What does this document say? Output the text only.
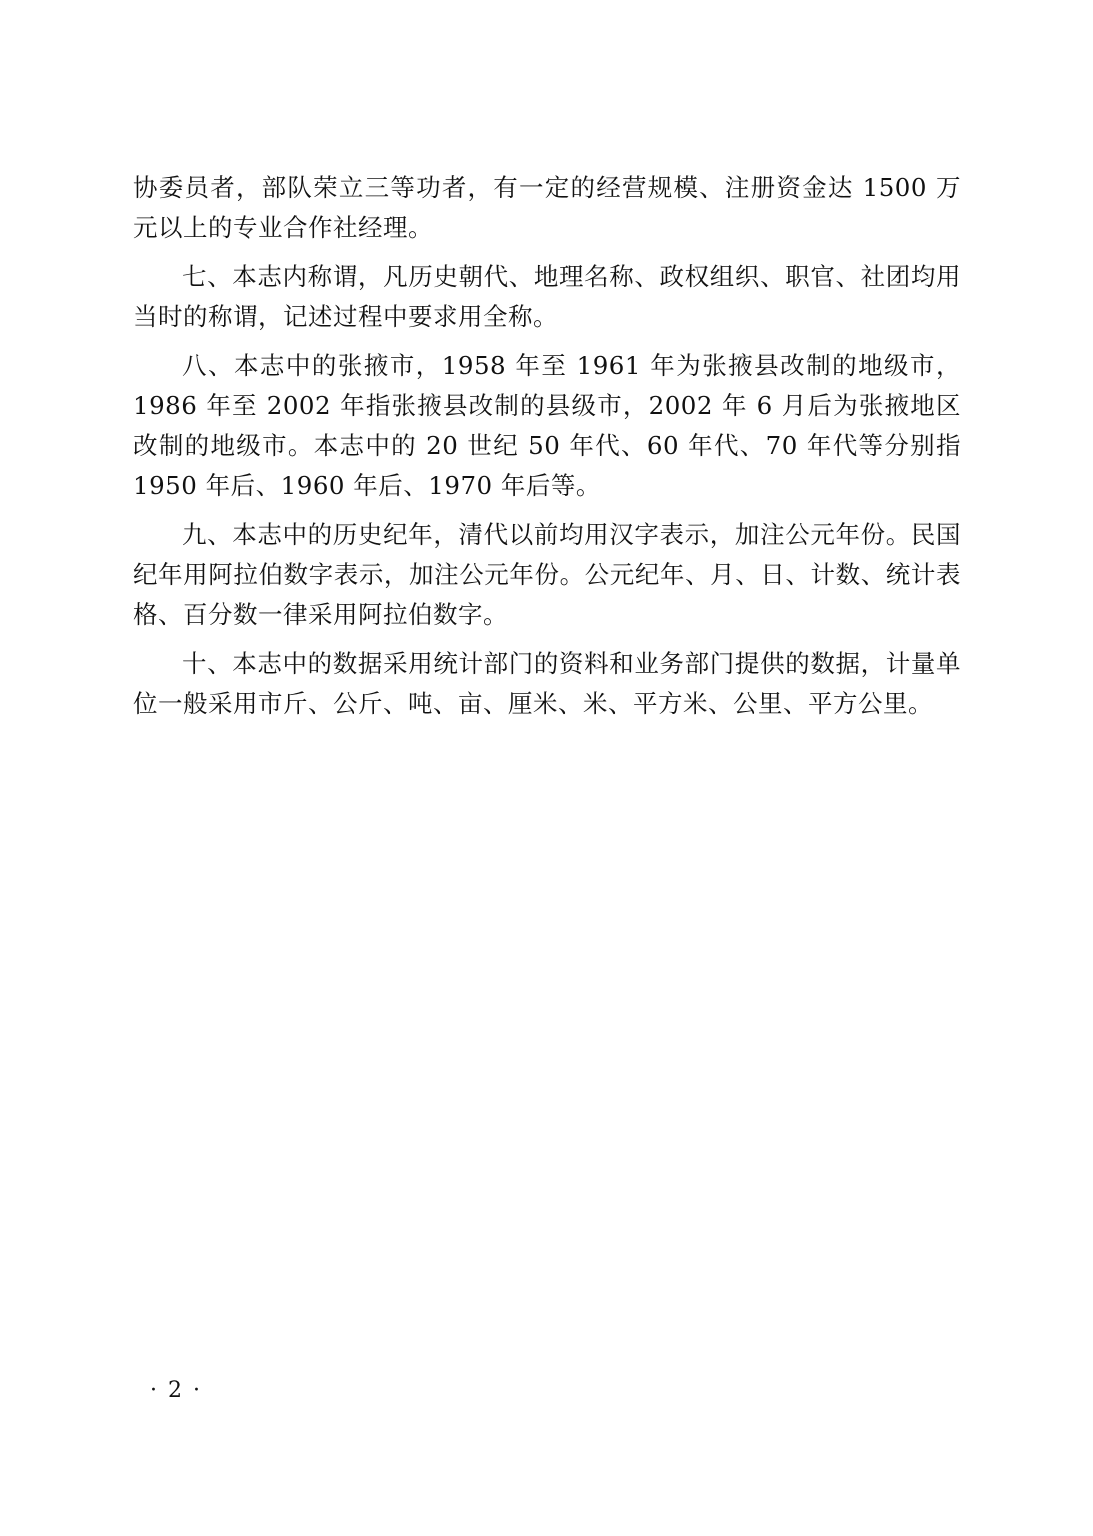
协委员者，部队荣立三等功者，有一定的经营规模、注册资金达 1500 万元以上的专业合作社经理。

七、本志内称谓，凡历史朝代、地理名称、政权组织、职官、社团均用当时的称谓，记述过程中要求用全称。

八、本志中的张掖市，1958 年至 1961 年为张掖县改制的地级市，1986 年至 2002 年指张掖县改制的县级市，2002 年 6 月后为张掖地区改制的地级市。本志中的 20 世纪 50 年代、60 年代、70 年代等分别指 1950 年后、1960 年后、1970 年后等。

九、本志中的历史纪年，清代以前均用汉字表示，加注公元年份。民国纪年用阿拉伯数字表示，加注公元年份。公元纪年、月、日、计数、统计表格、百分数一律采用阿拉伯数字。

十、本志中的数据采用统计部门的资料和业务部门提供的数据，计量单位一般采用市斤、公斤、吨、亩、厘米、米、平方米、公里、平方公里。

· 2 ·
